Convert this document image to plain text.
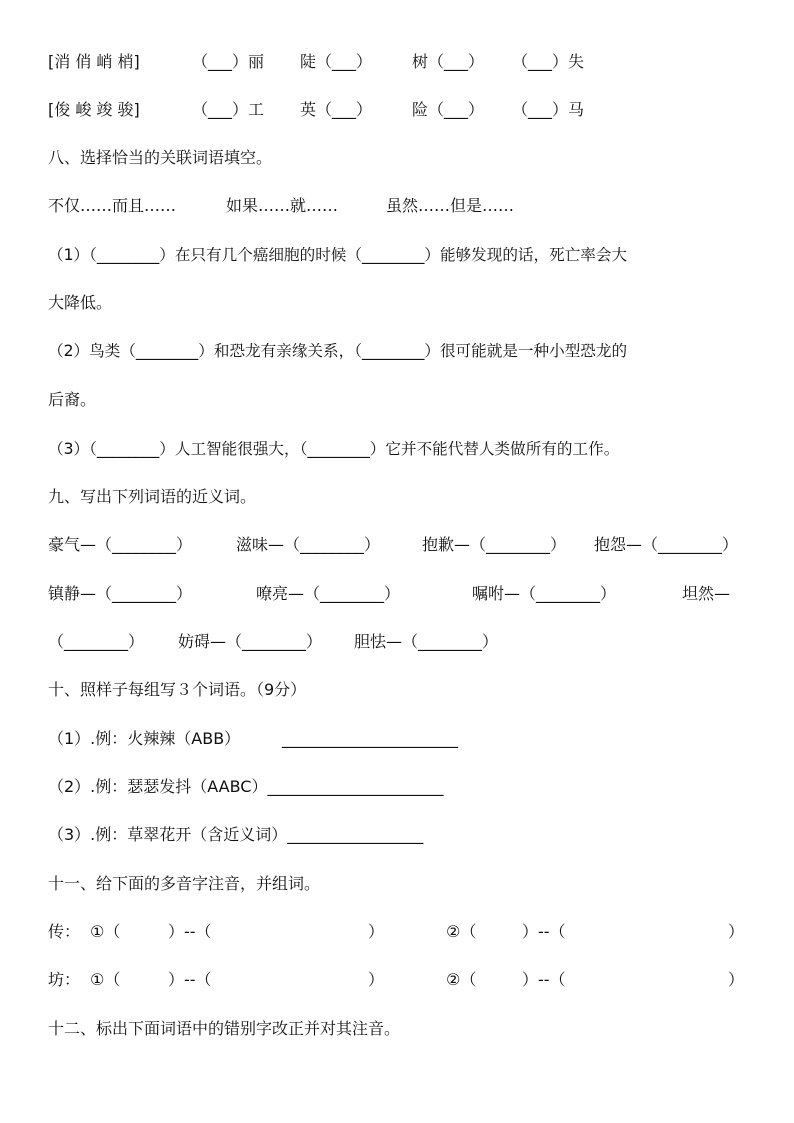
[消 俏 峭 梢]	（___）丽 陡（___） 树（___） （___）失
[俊 峻 竣 骏]	（___）工 英（___） 险（___） （___）马
八、选择恰当的关联词语填空。
不仅……而且……	如果……就……	虽然……但是……
（1）（________）在只有几个癌细胞的时候（________）能够发现的话，死亡率会大
大降低。
（2）鸟类（________）和恐龙有亲缘关系，（________）很可能就是一种小型恐龙的
后裔。
（3）（________）人工智能很强大，（________）它并不能代替人类做所有的工作。
九、写出下列词语的近义词。
豪气—（________）	滋味—（________）	抱歉—（________） 抱怨—（________）
镇静—（________）	嘹亮—（________）	嘱咐—（________）	坦然—
（________） 妨碍—（________） 胆怯—（________）
十、照样子每组写３个词语。（9分）
（1）.例：火辣辣（ABB）	______________________
（2）.例：瑟瑟发抖（AABC）______________________
（3）.例：草翠花开（含近义词）_________________
十一、给下面的多音字注音，并组词。
传： ①（	）--（	）	②（	）--（	）
坊： ①（	）--（	）	②（	）--（	）
十二、标出下面词语中的错别字改正并对其注音。
